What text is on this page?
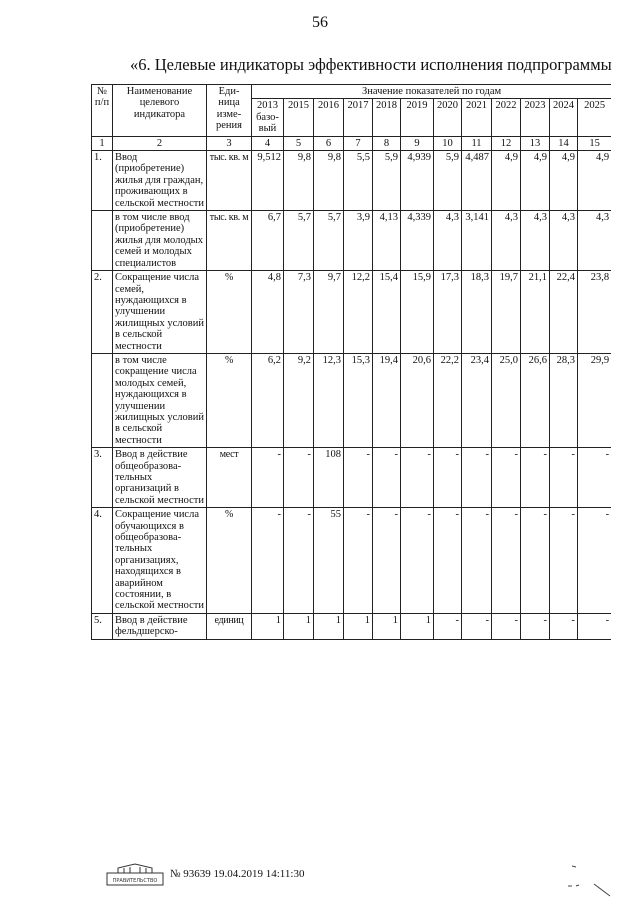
56
«6. Целевые индикаторы эффективности исполнения подпрограммы
№ п/п	Наименование целевого индикатора	Еди-ница изме-рения	Значение показателей по годам											
			2013 базо-вый	2015	2016	2017	2018	2019	2020	2021	2022	2023	2024	2025
1	2	3	4	5	6	7	8	9	10	11	12	13	14	15
1.	Ввод (приобретение) жилья для граждан, проживающих в сельской местности	тыс. кв. м	9,512	9,8	9,8	5,5	5,9	4,939	5,9	4,487	4,9	4,9	4,9	4,9
	в том числе ввод (приобретение) жилья для молодых семей и молодых специалистов	тыс. кв. м	6,7	5,7	5,7	3,9	4,13	4,339	4,3	3,141	4,3	4,3	4,3	4,3
2.	Сокращение числа семей, нуждающихся в улучшении жилищных условий в сельской местности	%	4,8	7,3	9,7	12,2	15,4	15,9	17,3	18,3	19,7	21,1	22,4	23,8
	в том числе сокращение числа молодых семей, нуждающихся в улучшении жилищных условий в сельской местности	%	6,2	9,2	12,3	15,3	19,4	20,6	22,2	23,4	25,0	26,6	28,3	29,9
3.	Ввод в действие общеобразова-тельных организаций в сельской местности	мест	-	-	108	-	-	-	-	-	-	-	-	-
4.	Сокращение числа обучающихся в общеобразова-тельных организациях, находящихся в аварийном состоянии, в сельской местности	%	-	-	55	-	-	-	-	-	-	-	-	-
5.	Ввод в действие фельдшерско-	единиц	1	1	1	1	1	1	-	-	-	-	-	-
ПРАВИТЕЛЬСТВО
№ 93639 19.04.2019 14:11:30
